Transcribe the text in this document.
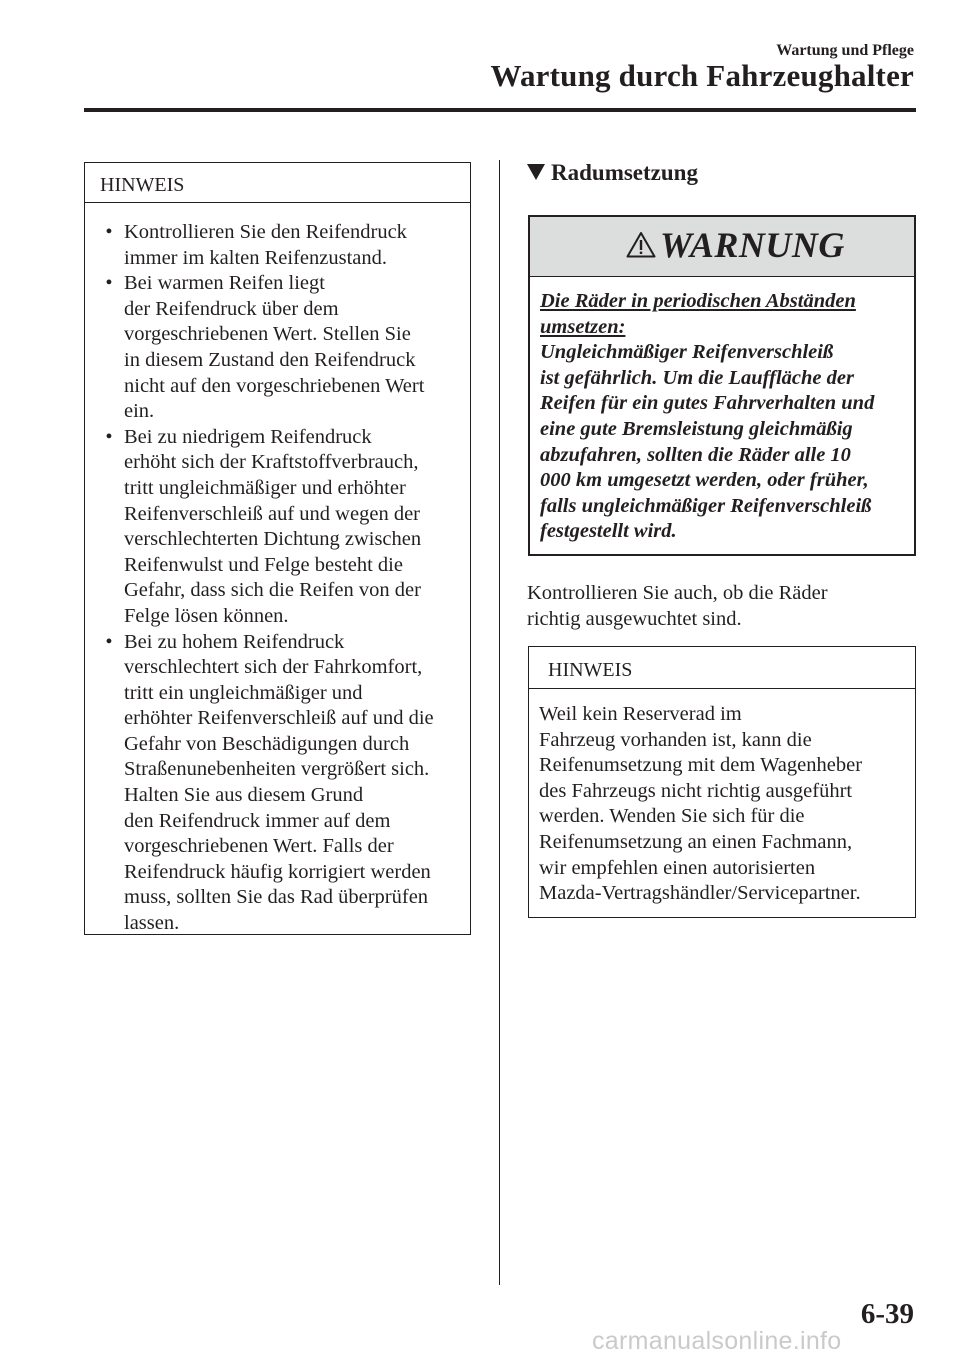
Wartung und Pflege
Wartung durch Fahrzeughalter
HINWEIS
• Kontrollieren Sie den Reifendruck
immer im kalten Reifenzustand.
• Bei warmen Reifen liegt
der Reifendruck über dem
vorgeschriebenen Wert. Stellen Sie
in diesem Zustand den Reifendruck
nicht auf den vorgeschriebenen Wert
ein.
• Bei zu niedrigem Reifendruck
erhöht sich der Kraftstoffverbrauch,
tritt ungleichmäßiger und erhöhter
Reifenverschleiß auf und wegen der
verschlechterten Dichtung zwischen
Reifenwulst und Felge besteht die
Gefahr, dass sich die Reifen von der
Felge lösen können.
• Bei zu hohem Reifendruck
verschlechtert sich der Fahrkomfort,
tritt ein ungleichmäßiger und
erhöhter Reifenverschleiß auf und die
Gefahr von Beschädigungen durch
Straßenunebenheiten vergrößert sich.
Halten Sie aus diesem Grund
den Reifendruck immer auf dem
vorgeschriebenen Wert. Falls der
Reifendruck häufig korrigiert werden
muss, sollten Sie das Rad überprüfen
lassen.
Radumsetzung
WARNUNG
Die Räder in periodischen Abständen
umsetzen:
Ungleichmäßiger Reifenverschleiß
ist gefährlich. Um die Lauffläche der
Reifen für ein gutes Fahrverhalten und
eine gute Bremsleistung gleichmäßig
abzufahren, sollten die Räder alle 10
000 km umgesetzt werden, oder früher,
falls ungleichmäßiger Reifenverschleiß
festgestellt wird.
Kontrollieren Sie auch, ob die Räder
richtig ausgewuchtet sind.
HINWEIS
Weil kein Reserverad im
Fahrzeug vorhanden ist, kann die
Reifenumsetzung mit dem Wagenheber
des Fahrzeugs nicht richtig ausgeführt
werden. Wenden Sie sich für die
Reifenumsetzung an einen Fachmann,
wir empfehlen einen autorisierten
Mazda-Vertragshändler/Servicepartner.
6-39
carmanualsonline.info
